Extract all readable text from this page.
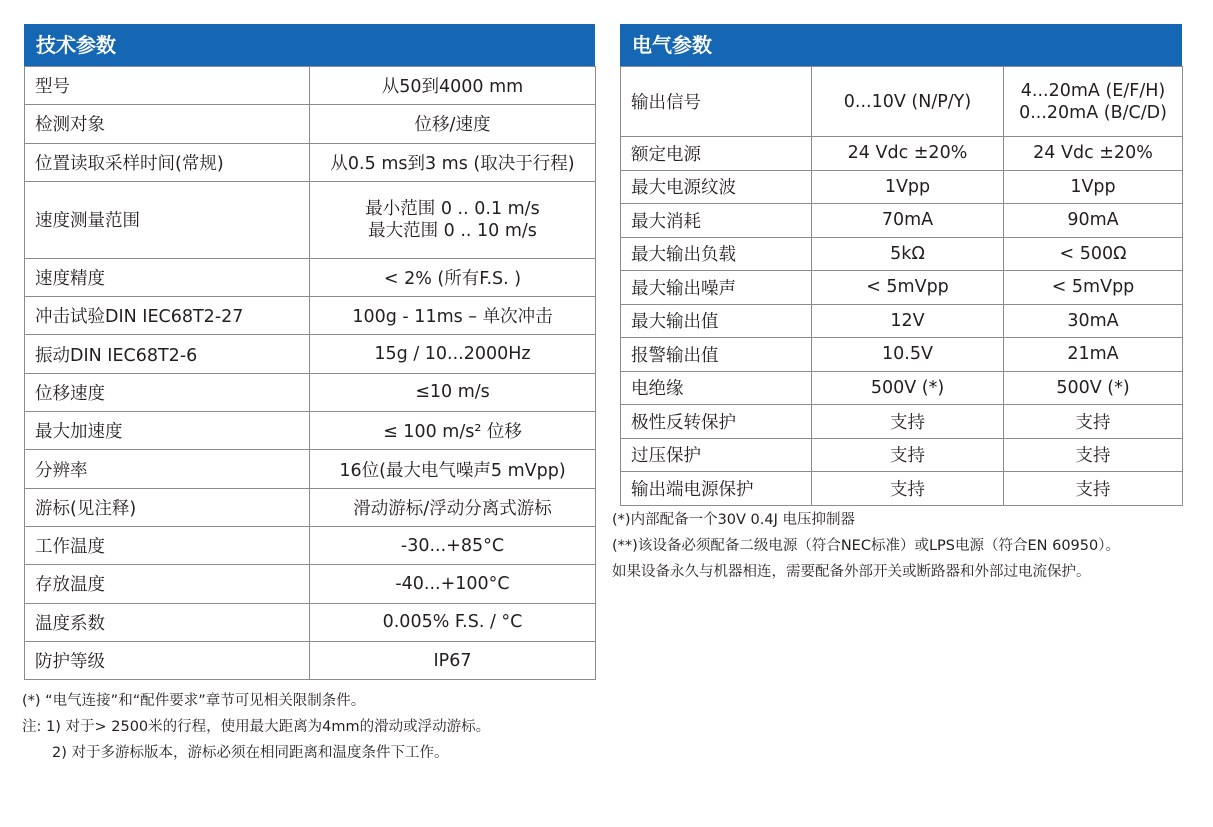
技术参数
型号	从50到4000 mm
检测对象	位移/速度
位置读取采样时间(常规)	从0.5 ms到3 ms (取决于行程)
速度测量范围	最小范围 0 .. 0.1 m/s
最大范围 0 .. 10 m/s

速度精度	< 2% (所有F.S. )
冲击试验DIN IEC68T2-27	100g - 11ms – 单次冲击
振动DIN IEC68T2-6	15g / 10...2000Hz
位移速度	≤10 m/s
最大加速度	≤ 100 m/s² 位移
分辨率	16位(最大电气噪声5 mVpp)
游标(见注释)	滑动游标/浮动分离式游标
工作温度	-30...+85°C
存放温度	-40...+100°C
温度系数	0.005% F.S. / °C
防护等级	IP67
电气参数
输出信号	0...10V (N/P/Y)	4...20mA (E/F/H)
0...20mA (B/C/D)

额定电源	24 Vdc ±20%	24 Vdc ±20%
最大电源纹波	1Vpp	1Vpp
最大消耗	70mA	90mA
最大输出负载	5kΩ	< 500Ω
最大输出噪声	< 5mVpp	< 5mVpp
最大输出值	12V	30mA
报警输出值	10.5V	21mA
电绝缘	500V (*)	500V (*)
极性反转保护	支持	支持
过压保护	支持	支持
输出端电源保护	支持	支持
(*) “电气连接”和“配件要求”章节可见相关限制条件。
注: 1) 对于> 2500米的行程，使用最大距离为4mm的滑动或浮动游标。
2) 对于多游标版本，游标必须在相同距离和温度条件下工作。
(*)内部配备一个30V 0.4J 电压抑制器
(**)该设备必须配备二级电源（符合NEC标准）或LPS电源（符合EN 60950）。
如果设备永久与机器相连，需要配备外部开关或断路器和外部过电流保护。
